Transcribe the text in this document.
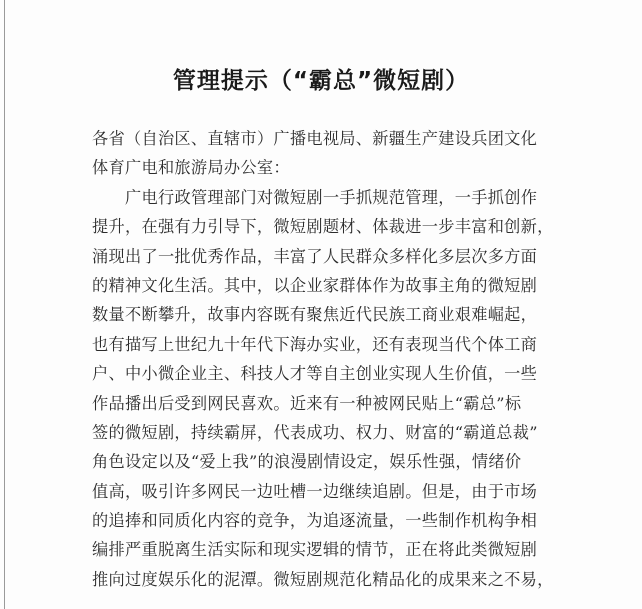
管理提示（“霸总”微短剧）
各省（自治区、直辖市）广播电视局、新疆生产建设兵团文化
体育广电和旅游局办公室：
广电行政管理部门对微短剧一手抓规范管理，一手抓创作
提升，在强有力引导下，微短剧题材、体裁进一步丰富和创新，
涌现出了一批优秀作品，丰富了人民群众多样化多层次多方面
的精神文化生活。其中，以企业家群体作为故事主角的微短剧
数量不断攀升，故事内容既有聚焦近代民族工商业艰难崛起，
也有描写上世纪九十年代下海办实业，还有表现当代个体工商
户、中小微企业主、科技人才等自主创业实现人生价值，一些
作品播出后受到网民喜欢。近来有一种被网民贴上“霸总”标
签的微短剧，持续霸屏，代表成功、权力、财富的“霸道总裁”
角色设定以及“爱上我”的浪漫剧情设定，娱乐性强，情绪价
值高，吸引许多网民一边吐槽一边继续追剧。但是，由于市场
的追捧和同质化内容的竞争，为追逐流量，一些制作机构争相
编排严重脱离生活实际和现实逻辑的情节，正在将此类微短剧
推向过度娱乐化的泥潭。微短剧规范化精品化的成果来之不易，
